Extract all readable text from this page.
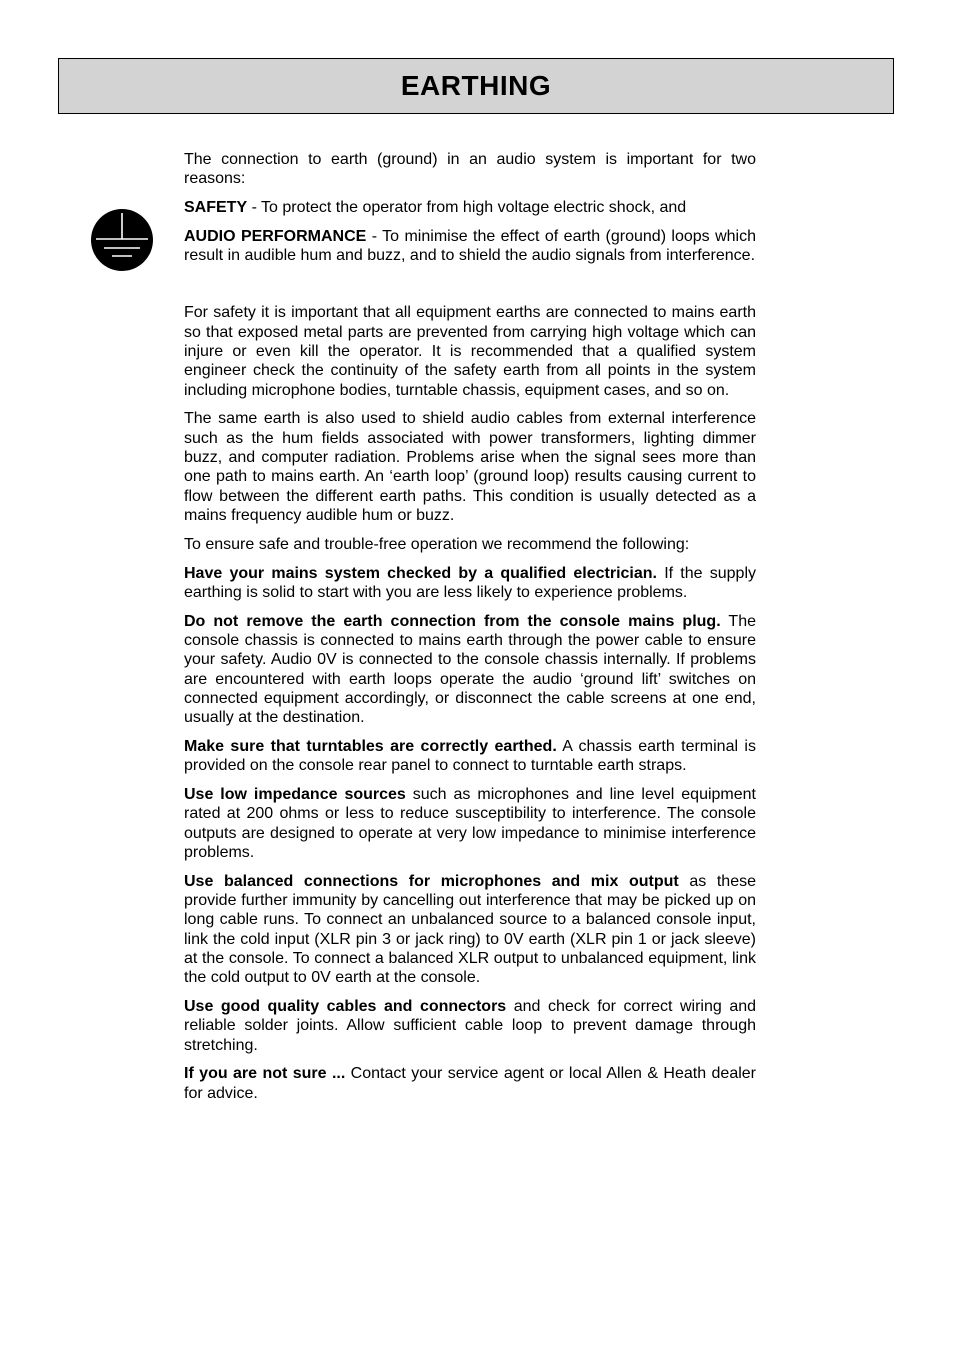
EARTHING

The connection to earth (ground) in an audio system is important for two reasons:

SAFETY - To protect the operator from high voltage electric shock, and

AUDIO PERFORMANCE - To minimise the effect of earth (ground) loops which result in audible hum and buzz, and to shield the audio signals from interference.

For safety it is important that all equipment earths are connected to mains earth so that exposed metal parts are prevented from carrying high voltage which can injure or even kill the operator. It is recommended that a qualified system engineer check the continuity of the safety earth from all points in the system including microphone bodies, turntable chassis, equipment cases, and so on.

The same earth is also used to shield audio cables from external interference such as the hum fields associated with power transformers, lighting dimmer buzz, and computer radiation. Problems arise when the signal sees more than one path to mains earth. An ‘earth loop’ (ground loop) results causing current to flow between the different earth paths. This condition is usually detected as a mains frequency audible hum or buzz.

To ensure safe and trouble-free operation we recommend the following:

Have your mains system checked by a qualified electrician. If the supply earthing is solid to start with you are less likely to experience problems.

Do not remove the earth connection from the console mains plug. The console chassis is connected to mains earth through the power cable to ensure your safety. Audio 0V is connected to the console chassis internally. If problems are encountered with earth loops operate the audio ‘ground lift’ switches on connected equipment accordingly, or disconnect the cable screens at one end, usually at the destination.

Make sure that turntables are correctly earthed. A chassis earth terminal is provided on the console rear panel to connect to turntable earth straps.

Use low impedance sources such as microphones and line level equipment rated at 200 ohms or less to reduce susceptibility to interference. The console outputs are designed to operate at very low impedance to minimise interference problems.

Use balanced connections for microphones and mix output as these provide further immunity by cancelling out interference that may be picked up on long cable runs. To connect an unbalanced source to a balanced console input, link the cold input (XLR pin 3 or jack ring) to 0V earth (XLR pin 1 or jack sleeve) at the console. To connect a balanced XLR output to unbalanced equipment, link the cold output to 0V earth at the console.

Use good quality cables and connectors and check for correct wiring and reliable solder joints. Allow sufficient cable loop to prevent damage through stretching.

If you are not sure ... Contact your service agent or local Allen & Heath dealer for advice.
